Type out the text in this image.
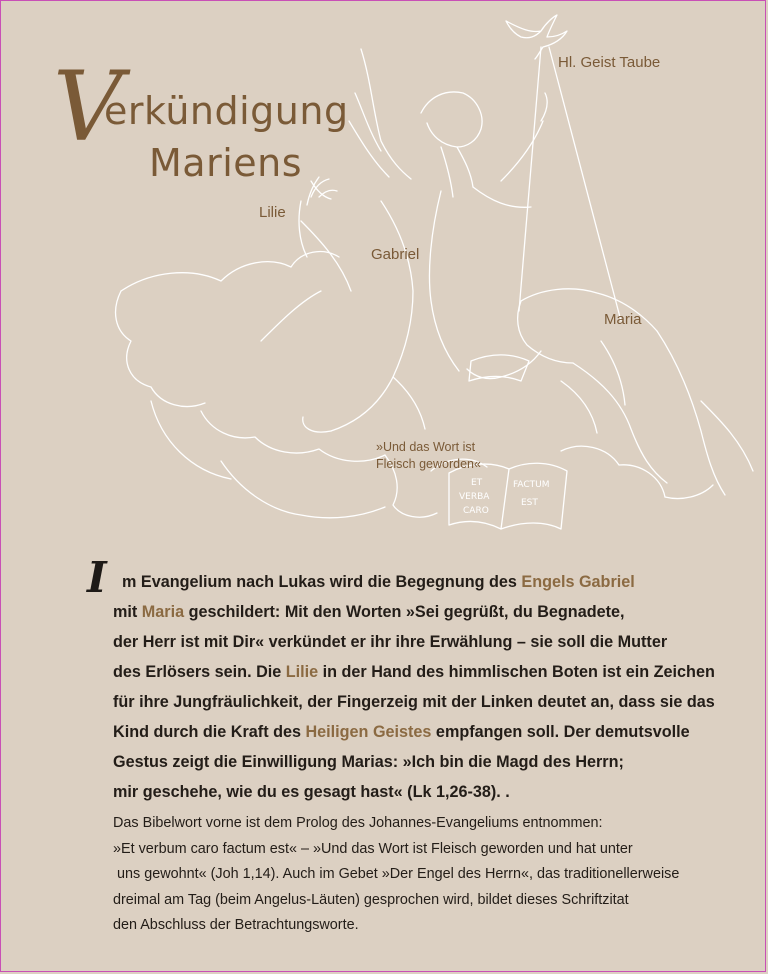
ET
VERBA
CARO
FACTUM
EST
V
erkündigung
Mariens
Hl. Geist Taube
Lilie
Gabriel
Maria
»Und das Wort ist
Fleisch geworden«
I m Evangelium nach Lukas wird die Begegnung des Engels Gabriel
mit Maria geschildert: Mit den Worten »Sei gegrüßt, du Begnadete,
der Herr ist mit Dir« verkündet er ihr ihre Erwählung – sie soll die Mutter
des Erlösers sein. Die Lilie in der Hand des himmlischen Boten ist ein Zeichen
für ihre Jungfräulichkeit, der Fingerzeig mit der Linken deutet an, dass sie das
Kind durch die Kraft des Heiligen Geistes empfangen soll. Der demutsvolle
Gestus zeigt die Einwilligung Marias: »Ich bin die Magd des Herrn;
mir geschehe, wie du es gesagt hast« (Lk 1,26-38). .
Das Bibelwort vorne ist dem Prolog des Johannes-Evangeliums entnommen:
»Et verbum caro factum est« – »Und das Wort ist Fleisch geworden und hat unter
uns gewohnt« (Joh 1,14). Auch im Gebet »Der Engel des Herrn«, das traditionellerweise
dreimal am Tag (beim Angelus-Läuten) gesprochen wird, bildet dieses Schriftzitat
den Abschluss der Betrachtungsworte.
